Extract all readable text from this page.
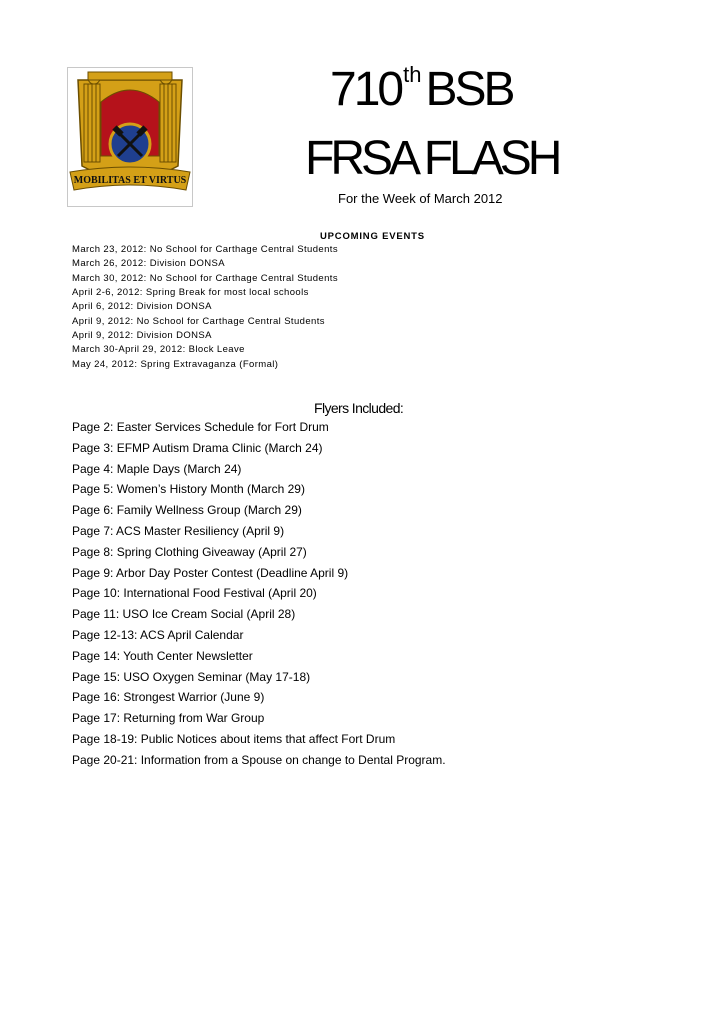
MOBILITAS ET VIRTUS
710thBSB
FRSA FLASH
For the Week of March 2012
UPCOMING EVENTS
March 23, 2012: No School for Carthage Central Students
March 26, 2012: Division DONSA
March 30, 2012: No School for Carthage Central Students
April 2-6, 2012: Spring Break for most local schools
April 6, 2012: Division DONSA
April 9, 2012: No School for Carthage Central Students
April 9, 2012: Division DONSA
March 30-April 29, 2012: Block Leave
May 24, 2012: Spring Extravaganza (Formal)
Flyers Included:
Page 2: Easter Services Schedule for Fort Drum
Page 3: EFMP Autism Drama Clinic (March 24)
Page 4: Maple Days (March 24)
Page 5: Women’s History Month (March 29)
Page 6: Family Wellness Group (March 29)
Page 7: ACS Master Resiliency (April 9)
Page 8: Spring Clothing Giveaway (April 27)
Page 9: Arbor Day Poster Contest (Deadline April 9)
Page 10: International Food Festival (April 20)
Page 11: USO Ice Cream Social (April 28)
Page 12-13: ACS April Calendar
Page 14: Youth Center Newsletter
Page 15: USO Oxygen Seminar (May 17-18)
Page 16: Strongest Warrior (June 9)
Page 17: Returning from War Group
Page 18-19: Public Notices about items that affect Fort Drum
Page 20-21: Information from a Spouse on change to Dental Program.
